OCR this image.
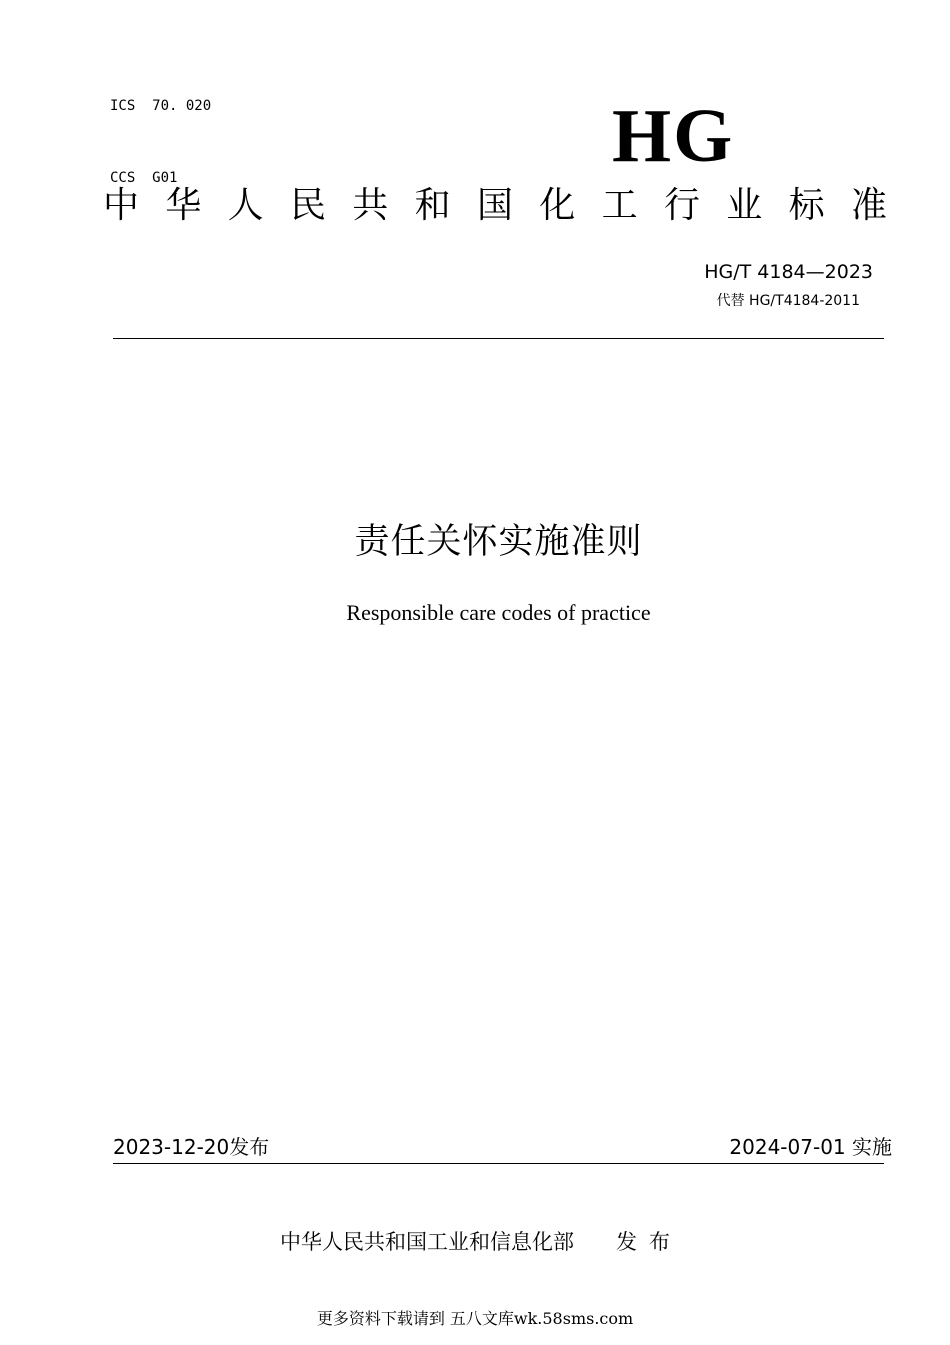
ICS  70. 020

CCS  G01	HG
中 华 人 民 共 和 国 化 工 行 业 标 准
HG/T 4184—2023
代替 HG/T4184-2011
责任关怀实施准则
Responsible care codes of practice
2023-12-20发布	2024-07-01 实施
中华人民共和国工业和信息化部 发布
更多资料下载请到 五八文库wk.58sms.com
